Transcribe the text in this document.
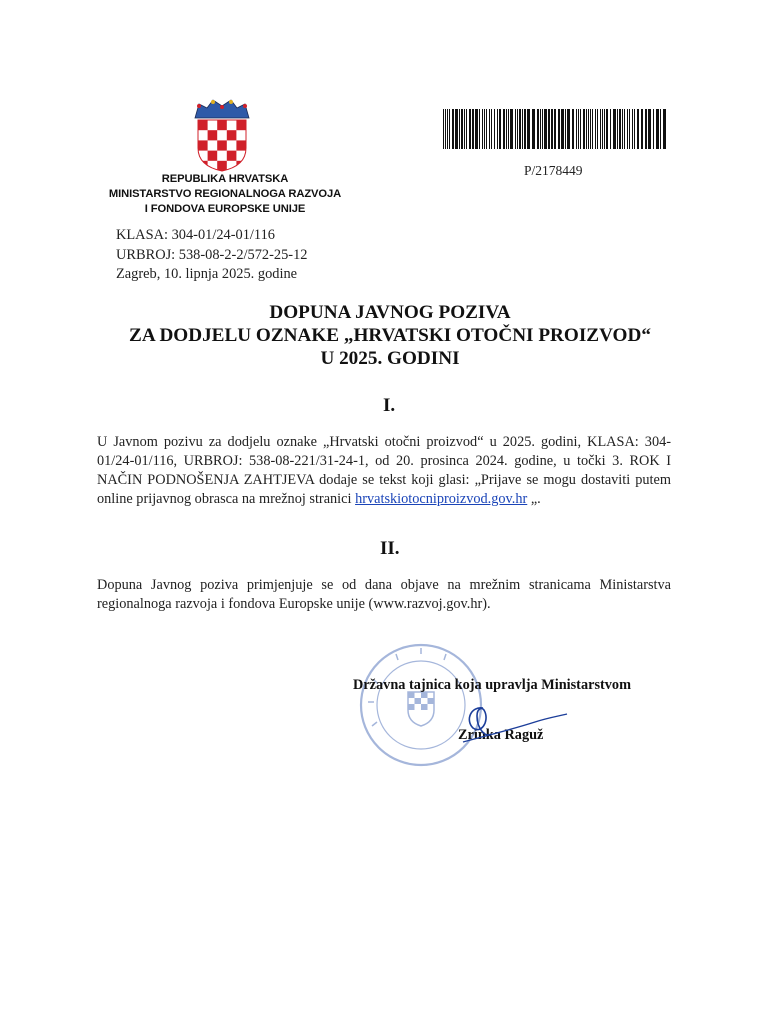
REPUBLIKA HRVATSKA
MINISTARSTVO REGIONALNOGA RAZVOJA
I FONDOVA EUROPSKE UNIJE
KLASA: 304-01/24-01/116
URBROJ: 538-08-2-2/572-25-12
Zagreb, 10. lipnja 2025. godine
P/2178449
DOPUNA JAVNOG POZIVA
ZA DODJELU OZNAKE „HRVATSKI OTOČNI PROIZVOD“
U 2025. GODINI
I.
U Javnom pozivu za dodjelu oznake „Hrvatski otočni proizvod“ u 2025. godini, KLASA: 304-01/24-01/116, URBROJ: 538-08-221/31-24-1, od 20. prosinca 2024. godine, u točki 3. ROK I NAČIN PODNOŠENJA ZAHTJEVA dodaje se tekst koji glasi: „Prijave se mogu dostaviti putem online prijavnog obrasca na mrežnoj stranici hrvatskiotocniproizvod.gov.hr „.
II.
Dopuna Javnog poziva primjenjuje se od dana objave na mrežnim stranicama Ministarstva regionalnoga razvoja i fondova Europske unije (www.razvoj.gov.hr).
Državna tajnica koja upravlja Ministarstvom
Zrinka Raguž
